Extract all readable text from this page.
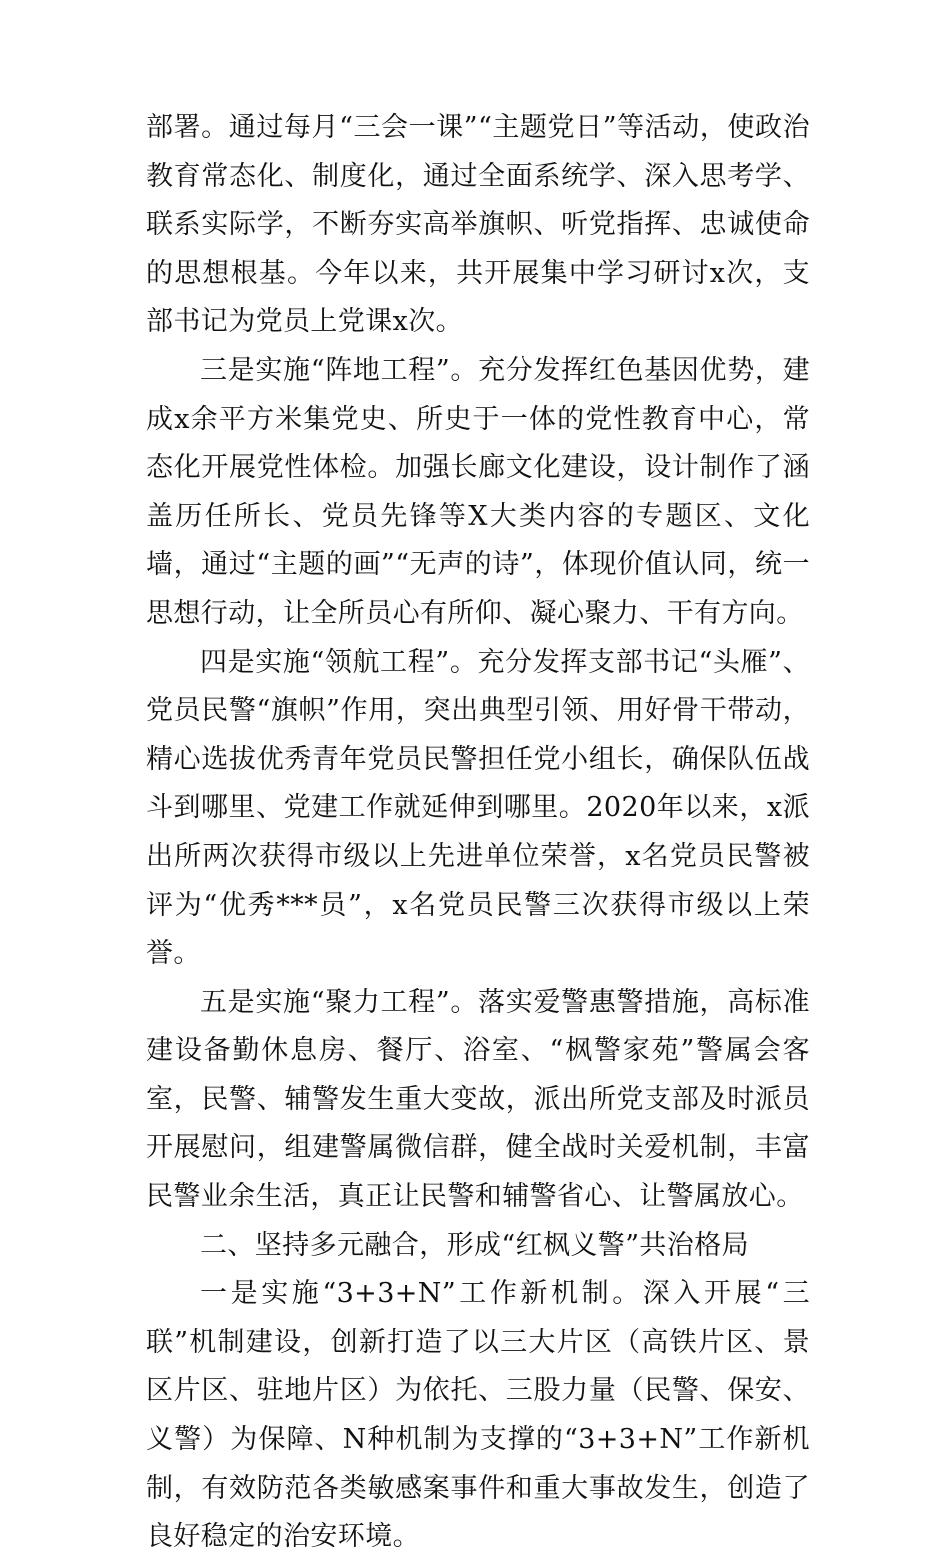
部署。通过每月“三会一课”“主题党日”等活动，使政治教育常态化、制度化，通过全面系统学、深入思考学、联系实际学，不断夯实高举旗帜、听党指挥、忠诚使命的思想根基。今年以来，共开展集中学习研讨x次，支部书记为党员上党课x次。

三是实施“阵地工程”。充分发挥红色基因优势，建成x余平方米集党史、所史于一体的党性教育中心，常态化开展党性体检。加强长廊文化建设，设计制作了涵盖历任所长、党员先锋等X大类内容的专题区、文化墙，通过“主题的画”“无声的诗”，体现价值认同，统一思想行动，让全所员心有所仰、凝心聚力、干有方向。

四是实施“领航工程”。充分发挥支部书记“头雁”、党员民警“旗帜”作用，突出典型引领、用好骨干带动，精心选拔优秀青年党员民警担任党小组长，确保队伍战斗到哪里、党建工作就延伸到哪里。2020年以来，x派出所两次获得市级以上先进单位荣誉，x名党员民警被评为“优秀***员”，x名党员民警三次获得市级以上荣誉。

五是实施“聚力工程”。落实爱警惠警措施，高标准建设备勤休息房、餐厅、浴室、“枫警家苑”警属会客室，民警、辅警发生重大变故，派出所党支部及时派员开展慰问，组建警属微信群，健全战时关爱机制，丰富民警业余生活，真正让民警和辅警省心、让警属放心。

二、坚持多元融合，形成“红枫义警”共治格局

一是实施“3+3+N”工作新机制。深入开展“三联”机制建设，创新打造了以三大片区（高铁片区、景区片区、驻地片区）为依托、三股力量（民警、保安、义警）为保障、N种机制为支撑的“3+3+N”工作新机制，有效防范各类敏感案事件和重大事故发生，创造了良好稳定的治安环境。
